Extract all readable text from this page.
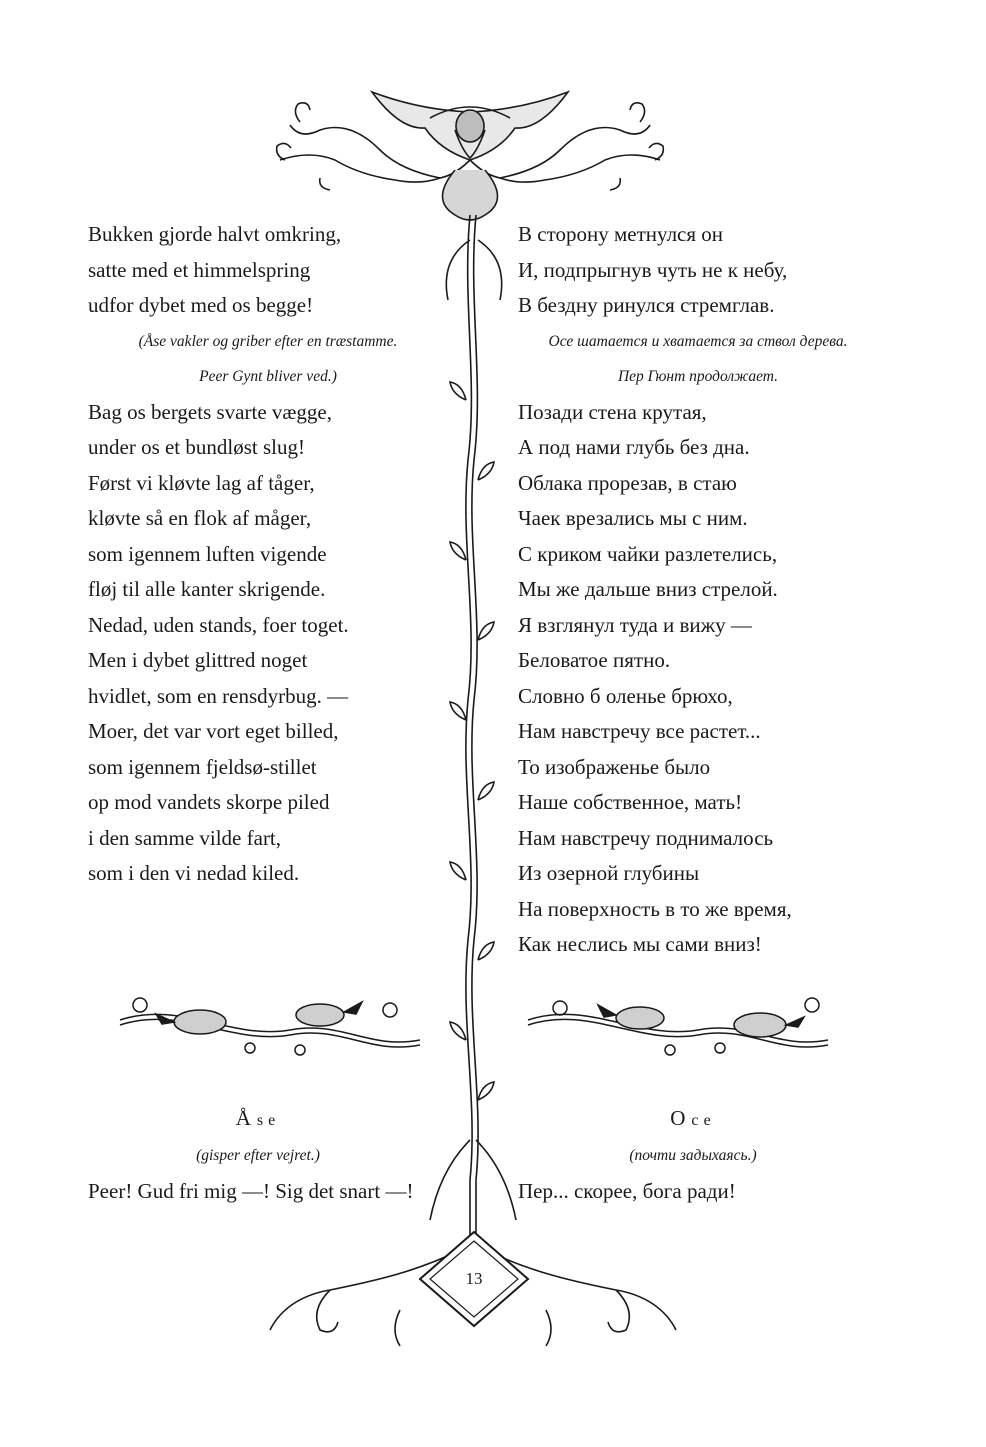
Bukken gjorde halvt omkring,
satte med et himmelspring
udfor dybet med os begge!
(Åse vakler og griber efter en træstamme.
Peer Gynt bliver ved.)
Bag os bergets svarte vægge,
under os et bundløst slug!
Først vi kløvte lag af tåger,
kløvte så en flok af måger,
som igennem luften vigende
fløj til alle kanter skrigende.
Nedad, uden stands, foer toget.
Men i dybet glittred noget
hvidlet, som en rensdyrbug. —
Moer, det var vort eget billed,
som igennem fjeldsø-stillet
op mod vandets skorpe piled
i den samme vilde fart,
som i den vi nedad kiled.
В сторону метнулся он
И, подпрыгнув чуть не к небу,
В бездну ринулся стремглав.
Осе шатается и хватается за ствол дерева.
Пер Гюнт продолжает.
Позади стена крутая,
А под нами глубь без дна.
Облака прорезав, в стаю
Чаек врезались мы с ним.
С криком чайки разлетелись,
Мы же дальше вниз стрелой.
Я взглянул туда и вижу —
Беловатое пятно.
Словно б оленье брюхо,
Нам навстречу все растет...
То изображенье было
Наше собственное, мать!
Нам навстречу поднималось
Из озерной глубины
На поверхность в то же время,
Как неслись мы сами вниз!
Åse
(gisper efter vejret.)
Peer! Gud fri mig —! Sig det snart —!
Осе
(почти задыхаясь.)
Пер... скорее, бога ради!
13
